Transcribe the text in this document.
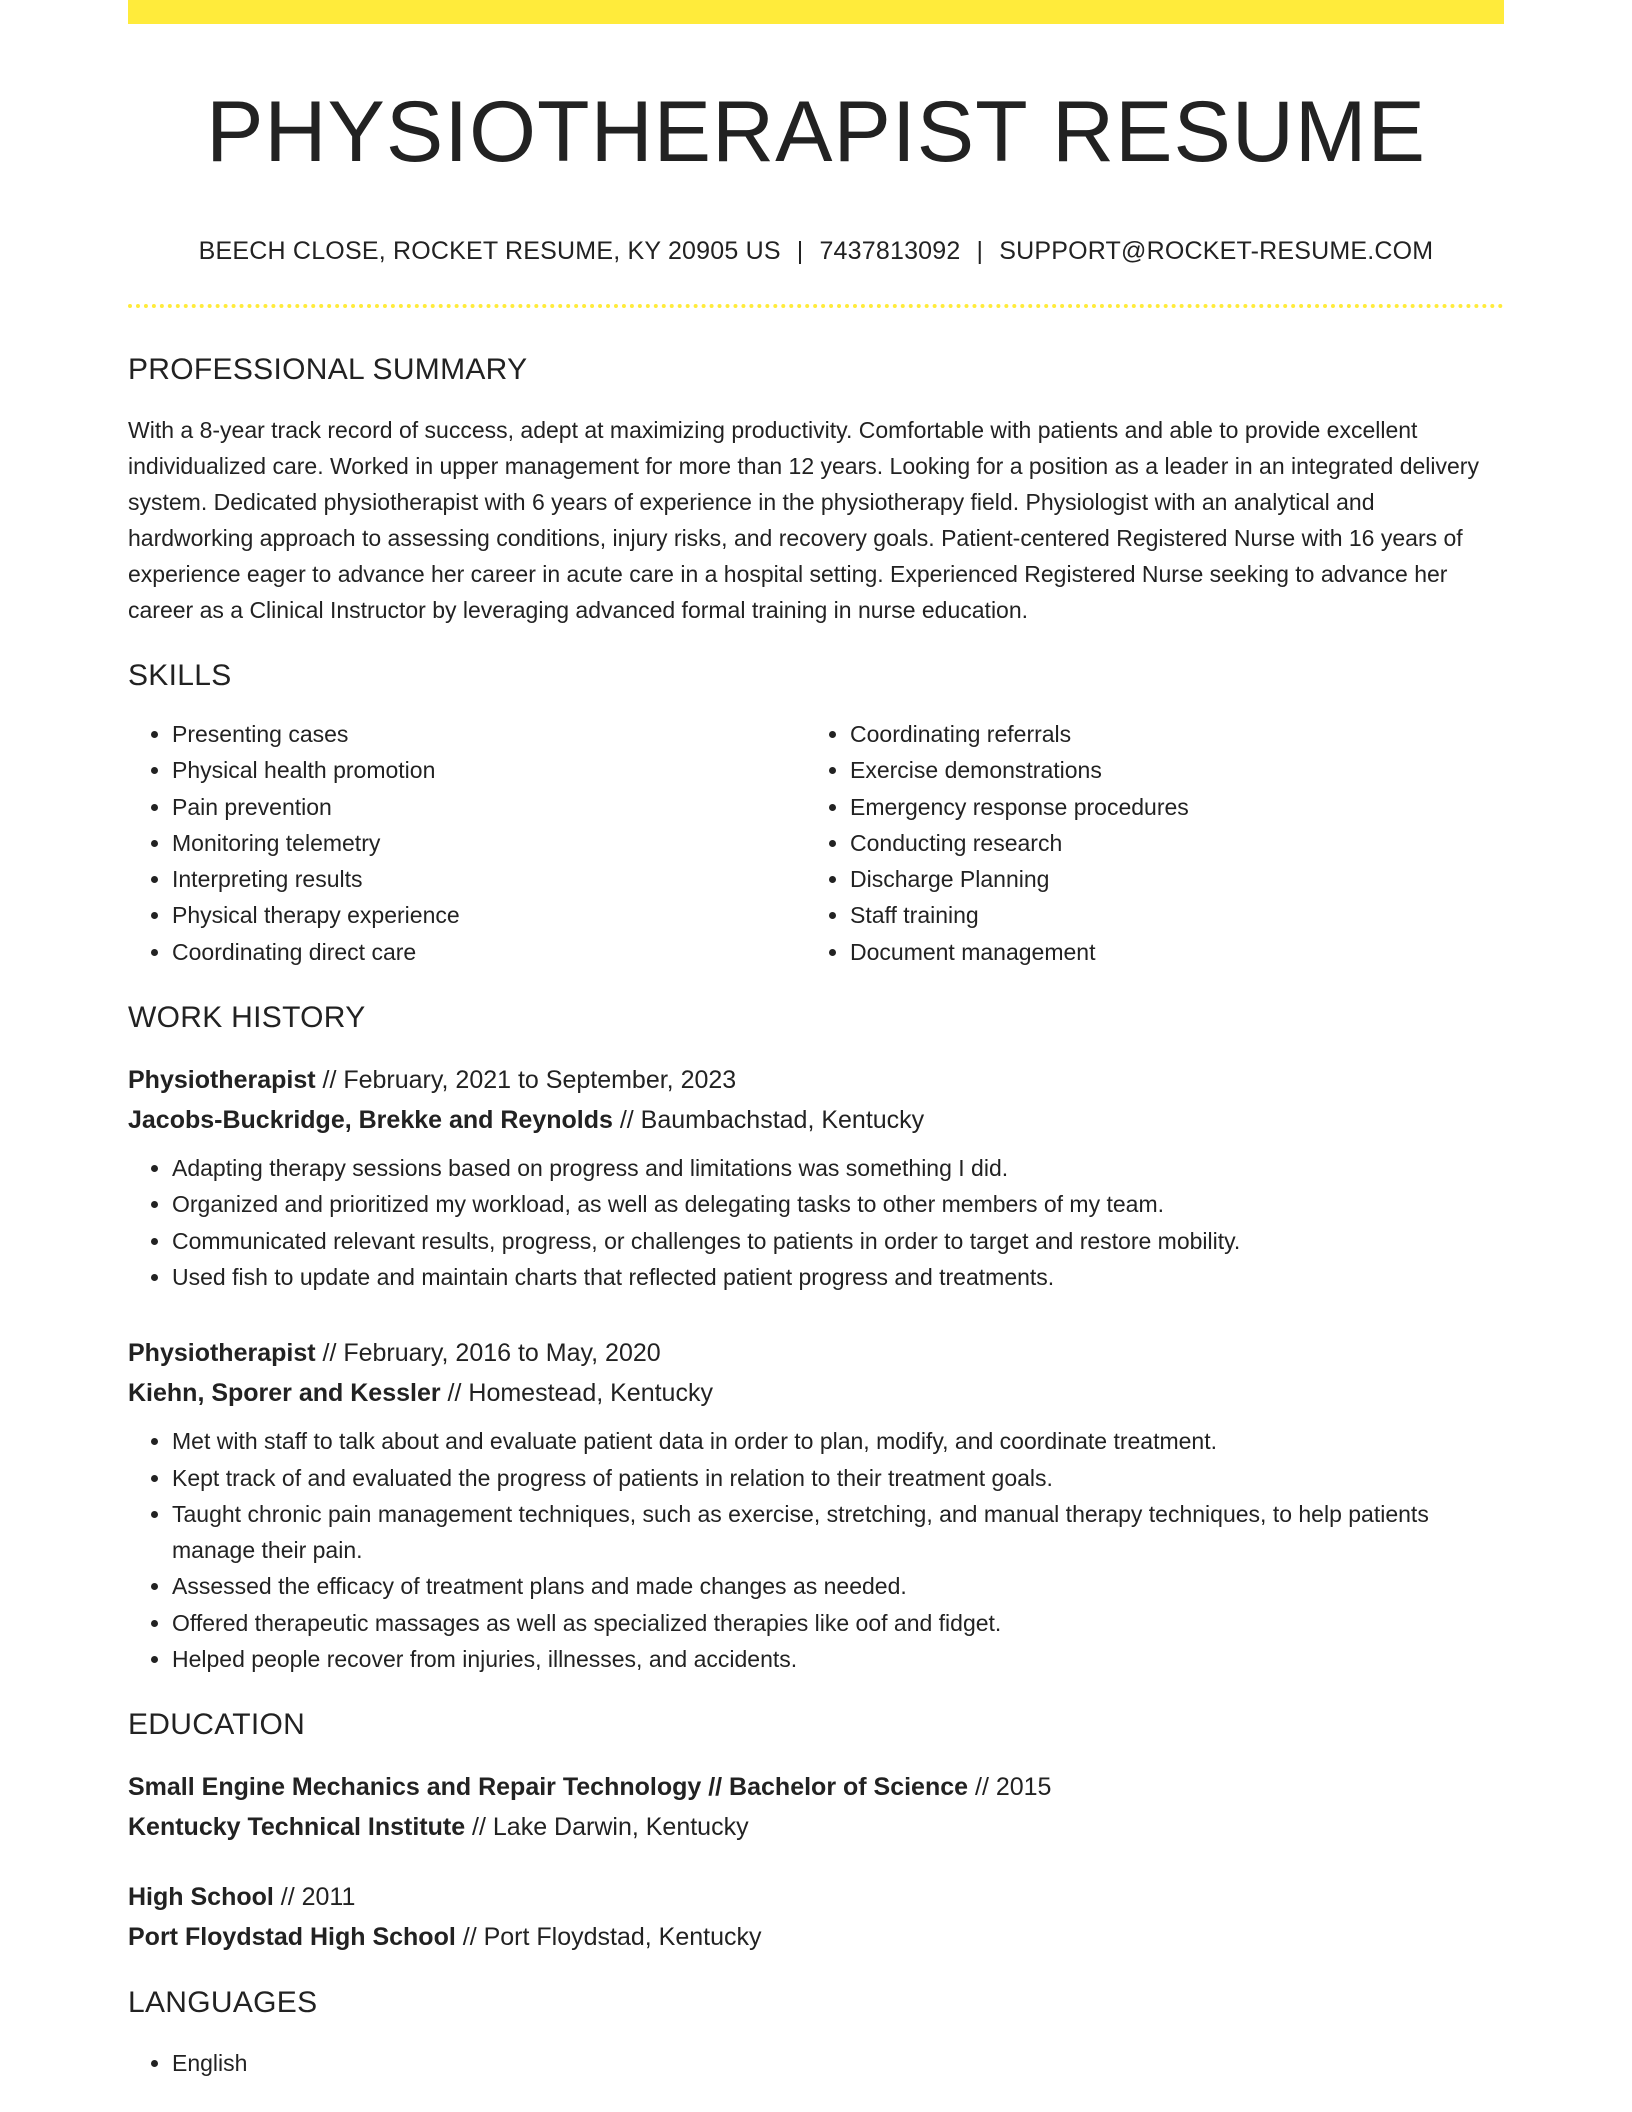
PHYSIOTHERAPIST RESUME
BEECH CLOSE, ROCKET RESUME, KY 20905 US | 7437813092 | SUPPORT@ROCKET-RESUME.COM
PROFESSIONAL SUMMARY

With a 8-year track record of success, adept at maximizing productivity. Comfortable with patients and able to provide excellent individualized care. Worked in upper management for more than 12 years. Looking for a position as a leader in an integrated delivery system. Dedicated physiotherapist with 6 years of experience in the physiotherapy field. Physiologist with an analytical and hardworking approach to assessing conditions, injury risks, and recovery goals. Patient-centered Registered Nurse with 16 years of experience eager to advance her career in acute care in a hospital setting. Experienced Registered Nurse seeking to advance her career as a Clinical Instructor by leveraging advanced formal training in nurse education.

SKILLS
• Presenting cases
• Physical health promotion
• Pain prevention
• Monitoring telemetry
• Interpreting results
• Physical therapy experience
• Coordinating direct care
• Coordinating referrals
• Exercise demonstrations
• Emergency response procedures
• Conducting research
• Discharge Planning
• Staff training
• Document management
WORK HISTORY
Physiotherapist // February, 2021 to September, 2023
Jacobs-Buckridge, Brekke and Reynolds // Baumbachstad, Kentucky
• Adapting therapy sessions based on progress and limitations was something I did.
• Organized and prioritized my workload, as well as delegating tasks to other members of my team.
• Communicated relevant results, progress, or challenges to patients in order to target and restore mobility.
• Used fish to update and maintain charts that reflected patient progress and treatments.
Physiotherapist // February, 2016 to May, 2020
Kiehn, Sporer and Kessler // Homestead, Kentucky
• Met with staff to talk about and evaluate patient data in order to plan, modify, and coordinate treatment.
• Kept track of and evaluated the progress of patients in relation to their treatment goals.
• Taught chronic pain management techniques, such as exercise, stretching, and manual therapy techniques, to help patients manage their pain.
• Assessed the efficacy of treatment plans and made changes as needed.
• Offered therapeutic massages as well as specialized therapies like oof and fidget.
• Helped people recover from injuries, illnesses, and accidents.
EDUCATION
Small Engine Mechanics and Repair Technology // Bachelor of Science // 2015
Kentucky Technical Institute // Lake Darwin, Kentucky
High School // 2011
Port Floydstad High School // Port Floydstad, Kentucky
LANGUAGES
• English
